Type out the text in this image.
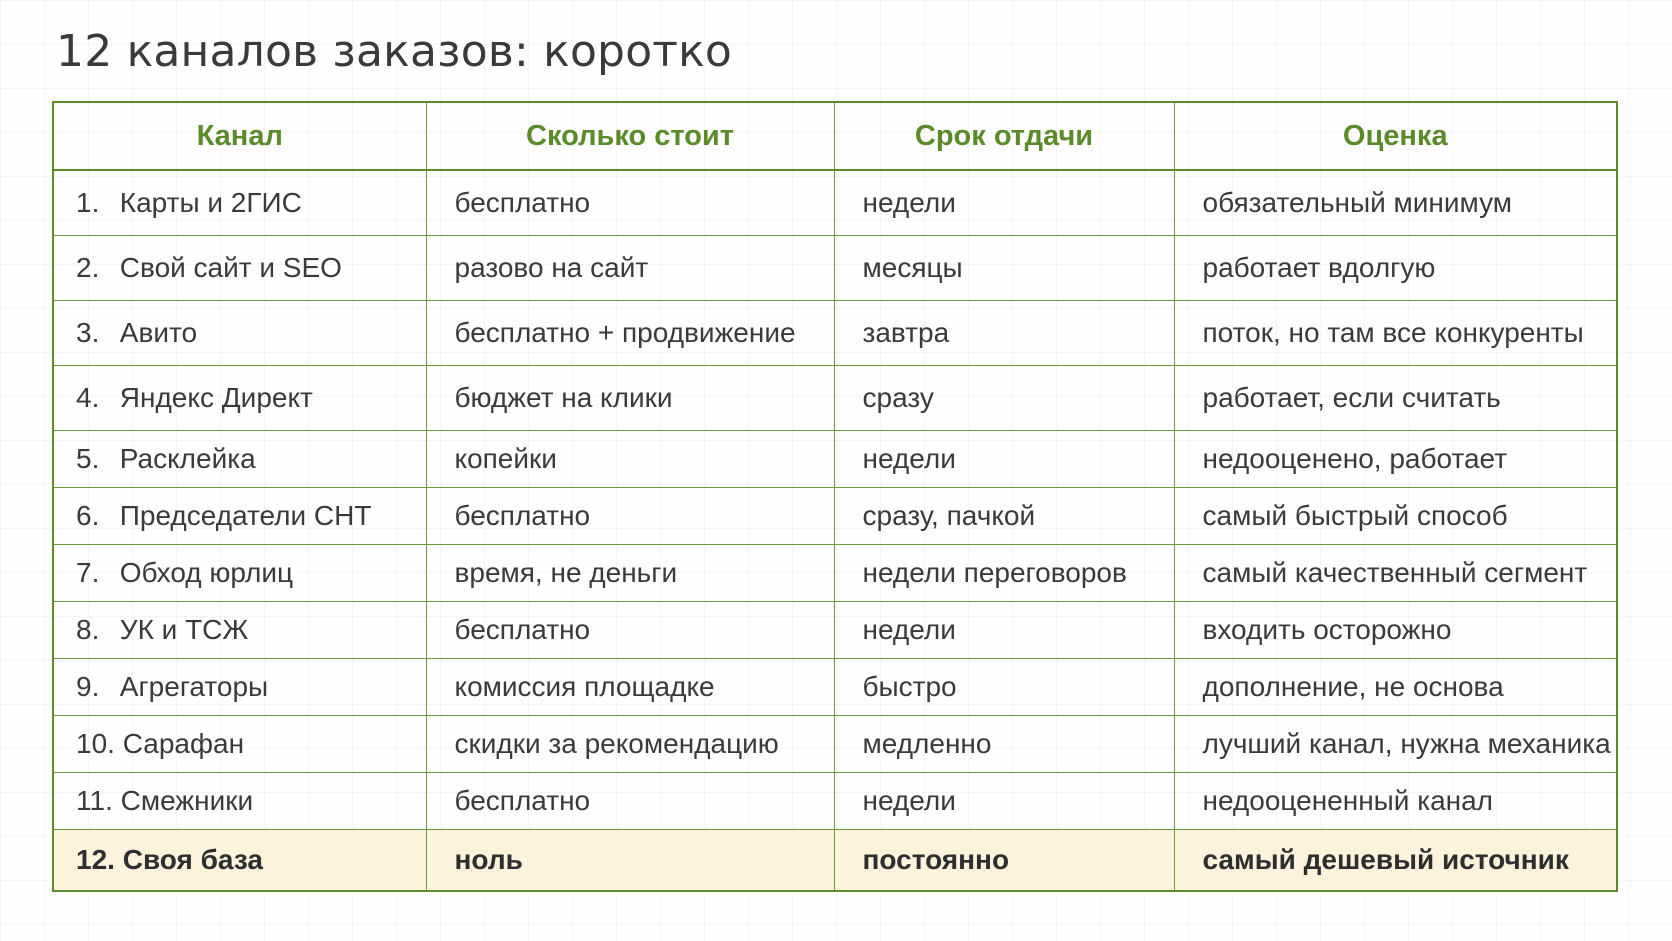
12 каналов заказов: коротко
Канал	Сколько стоит	Срок отдачи	Оценка
1. Карты и 2ГИС	бесплатно	недели	обязательный минимум
2. Свой сайт и SEO	разово на сайт	месяцы	работает вдолгую
3. Авито	бесплатно + продвижение	завтра	поток, но там все конкуренты
4. Яндекс Директ	бюджет на клики	сразу	работает, если считать
5. Расклейка	копейки	недели	недооценено, работает
6. Председатели СНТ	бесплатно	сразу, пачкой	самый быстрый способ
7. Обход юрлиц	время, не деньги	недели переговоров	самый качественный сегмент
8. УК и ТСЖ	бесплатно	недели	входить осторожно
9. Агрегаторы	комиссия площадке	быстро	дополнение, не основа
10. Сарафан	скидки за рекомендацию	медленно	лучший канал, нужна механика
11. Смежники	бесплатно	недели	недооцененный канал
12. Своя база	ноль	постоянно	самый дешевый источник
